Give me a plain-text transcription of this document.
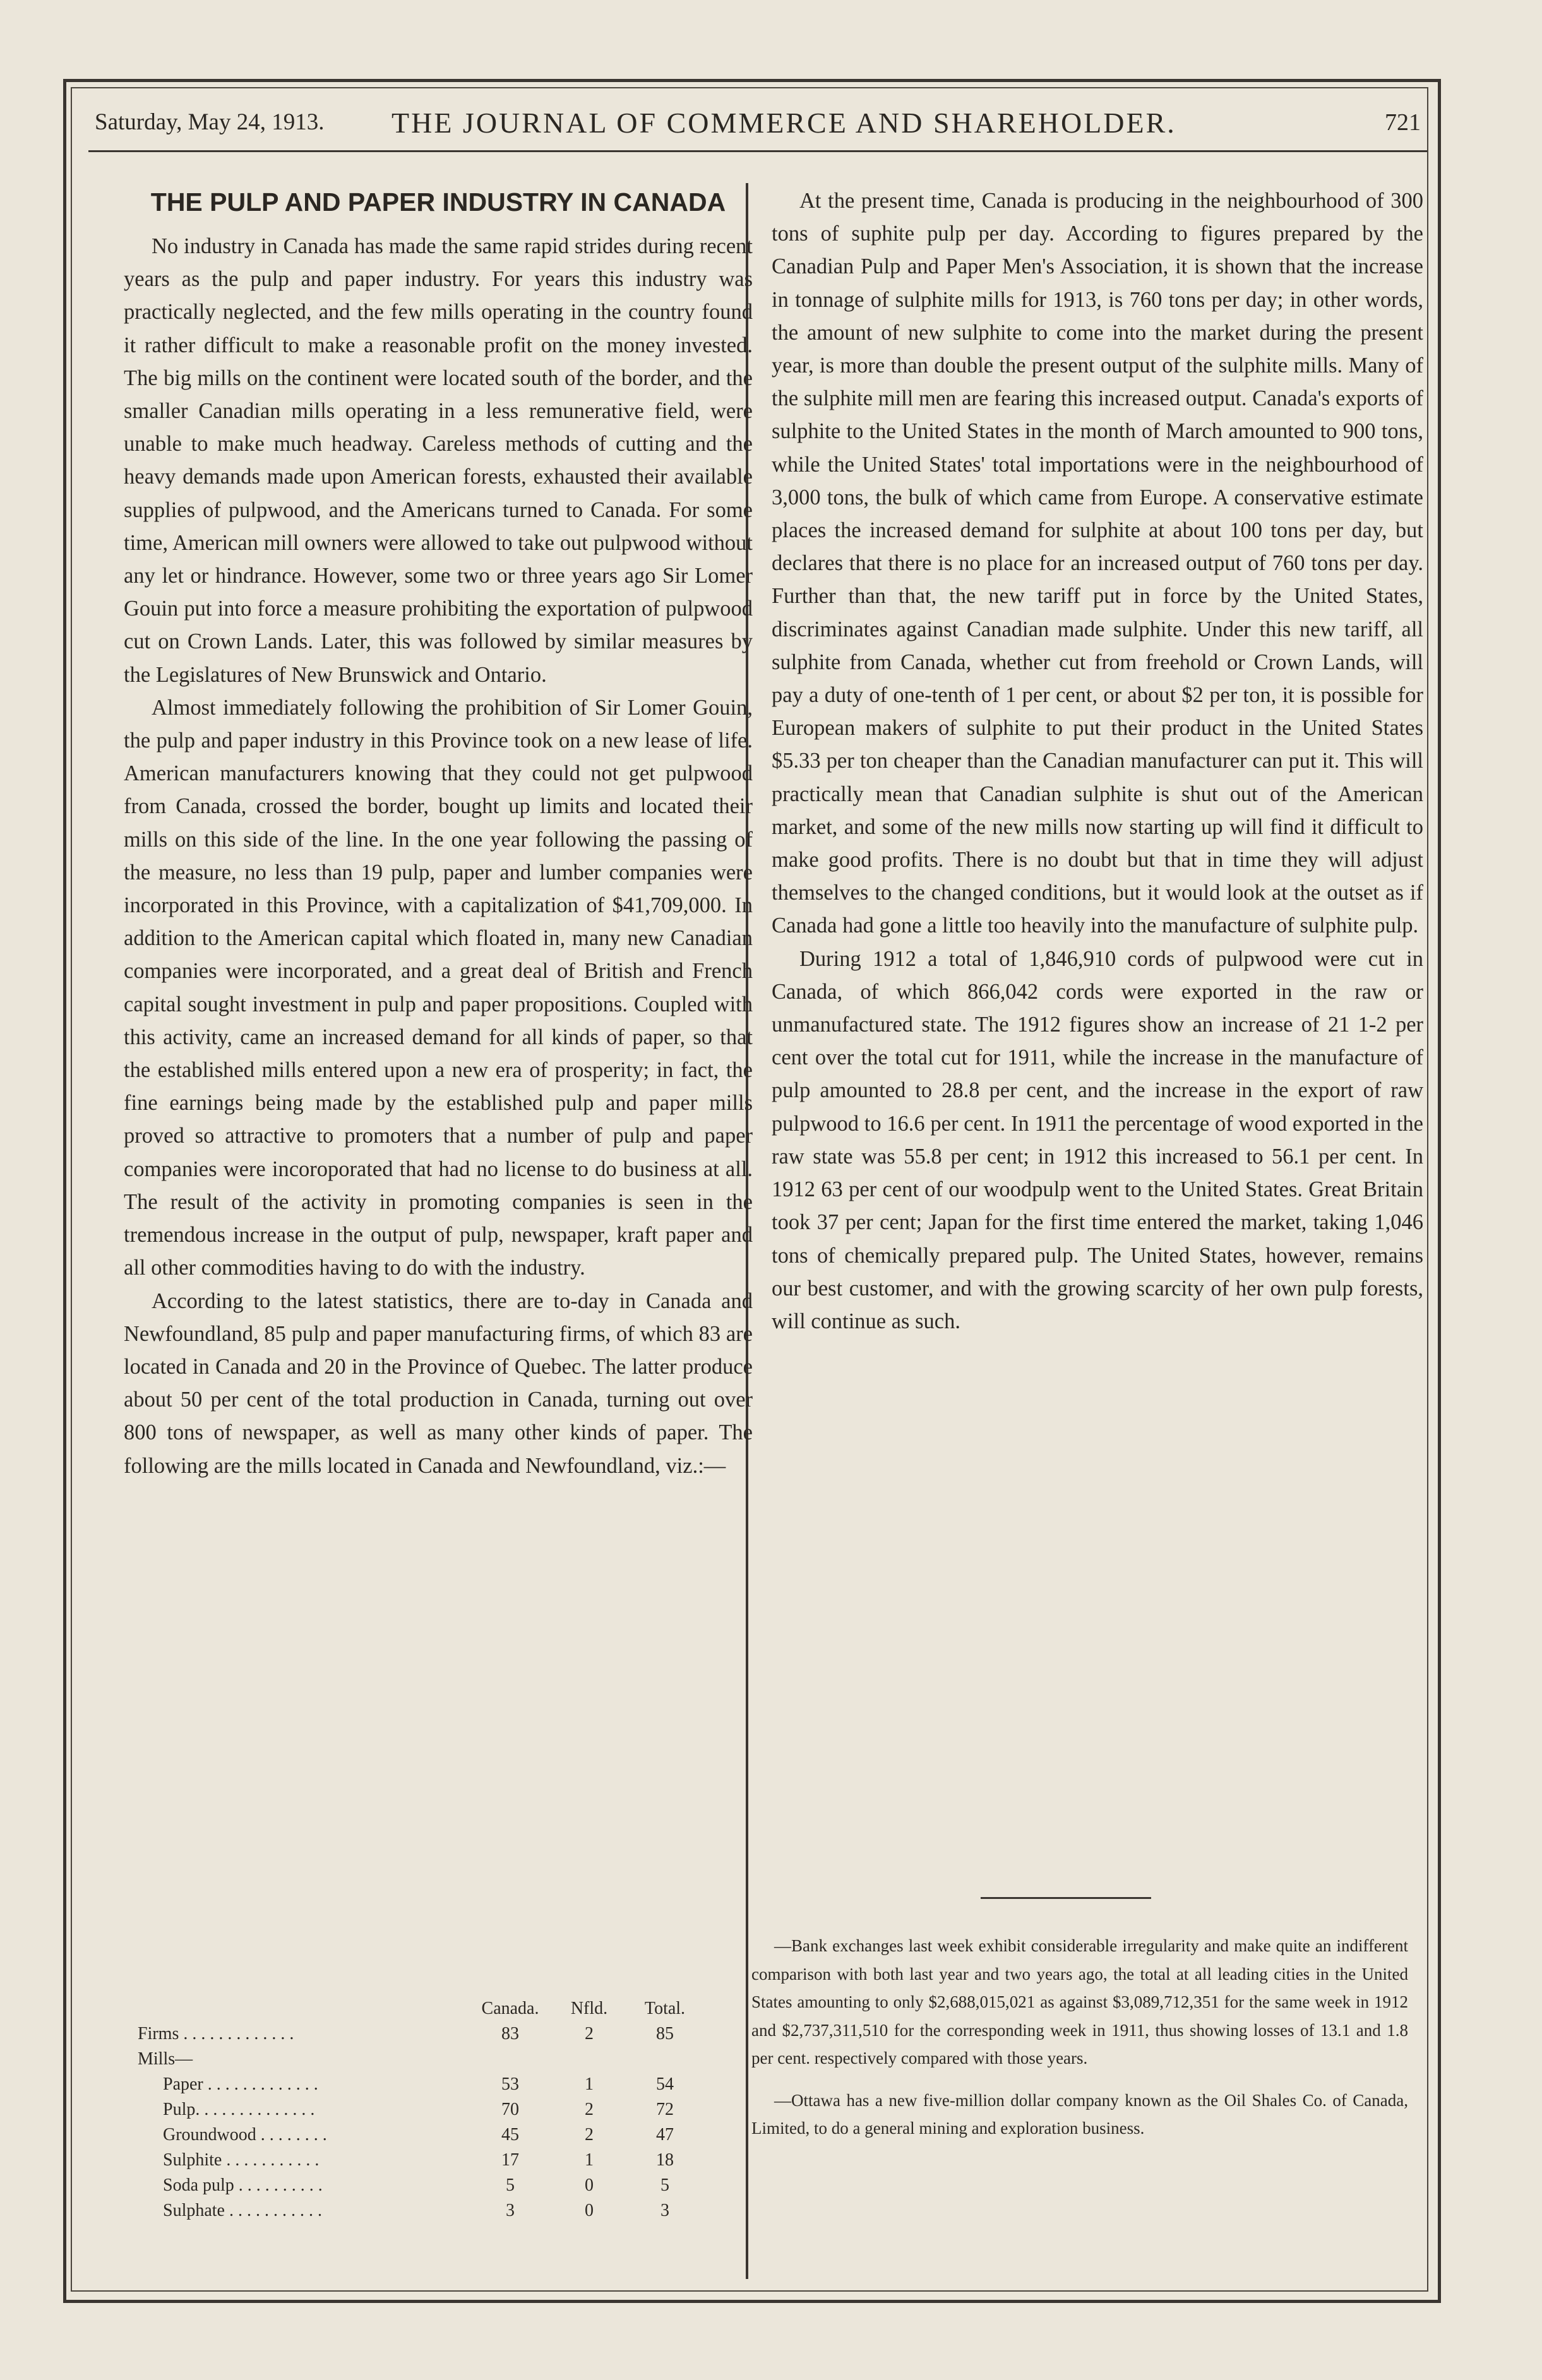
Saturday, May 24, 1913. THE JOURNAL OF COMMERCE AND SHAREHOLDER.	721
THE PULP AND PAPER INDUSTRY IN CANADA

No industry in Canada has made the same rapid strides during recent years as the pulp and paper industry. For years this industry was practically neglected, and the few mills operating in the country found it rather difficult to make a reasonable profit on the money invested. The big mills on the continent were located south of the border, and the smaller Canadian mills operating in a less remunerative field, were unable to make much headway. Careless methods of cutting and the heavy demands made upon American forests, exhausted their available supplies of pulpwood, and the Americans turned to Canada. For some time, American mill owners were allowed to take out pulpwood without any let or hindrance. However, some two or three years ago Sir Lomer Gouin put into force a measure prohibiting the exportation of pulpwood cut on Crown Lands. Later, this was followed by similar measures by the Legislatures of New Brunswick and Ontario.

Almost immediately following the prohibition of Sir Lomer Gouin, the pulp and paper industry in this Province took on a new lease of life. American manufacturers knowing that they could not get pulpwood from Canada, crossed the border, bought up limits and located their mills on this side of the line. In the one year following the passing of the measure, no less than 19 pulp, paper and lumber companies were incorporated in this Province, with a capitalization of $41,709,000. In addition to the American capital which floated in, many new Canadian companies were incorporated, and a great deal of British and French capital sought investment in pulp and paper propositions. Coupled with this activity, came an increased demand for all kinds of paper, so that the established mills entered upon a new era of prosperity; in fact, the fine earnings being made by the established pulp and paper mills proved so attractive to promoters that a number of pulp and paper companies were incoroporated that had no license to do business at all. The result of the activity in promoting companies is seen in the tremendous increase in the output of pulp, newspaper, kraft paper and all other commodities having to do with the industry.

According to the latest statistics, there are to-day in Canada and Newfoundland, 85 pulp and paper manufacturing firms, of which 83 are located in Canada and 20 in the Province of Quebec. The latter produce about 50 per cent of the total production in Canada, turning out over 800 tons of newspaper, as well as many other kinds of paper. The following are the mills located in Canada and Newfoundland, viz.:—

Canada.	Nfld.	Total.
Firms . . . . . . . . . . . . .	83	2	85
Mills—
Paper . . . . . . . . . . . . .	53	1	54
Pulp. . . . . . . . . . . . . .	70	2	72
Groundwood . . . . . . . .	45	2	47
Sulphite . . . . . . . . . . .	17	1	18
Soda pulp . . . . . . . . . .	5	0	5
Sulphate . . . . . . . . . . .	3	0	3

At the present time, Canada is producing in the neighbourhood of 300 tons of suphite pulp per day. According to figures prepared by the Canadian Pulp and Paper Men's Association, it is shown that the increase in tonnage of sulphite mills for 1913, is 760 tons per day; in other words, the amount of new sulphite to come into the market during the present year, is more than double the present output of the sulphite mills. Many of the sulphite mill men are fearing this increased output. Canada's exports of sulphite to the United States in the month of March amounted to 900 tons, while the United States' total importations were in the neighbourhood of 3,000 tons, the bulk of which came from Europe. A conservative estimate places the increased demand for sulphite at about 100 tons per day, but declares that there is no place for an increased output of 760 tons per day. Further than that, the new tariff put in force by the United States, discriminates against Canadian made sulphite. Under this new tariff, all sulphite from Canada, whether cut from freehold or Crown Lands, will pay a duty of one-tenth of 1 per cent, or about $2 per ton, it is possible for European makers of sulphite to put their product in the United States $5.33 per ton cheaper than the Canadian manufacturer can put it. This will practically mean that Canadian sulphite is shut out of the American market, and some of the new mills now starting up will find it difficult to make good profits. There is no doubt but that in time they will adjust themselves to the changed conditions, but it would look at the outset as if Canada had gone a little too heavily into the manufacture of sulphite pulp.

During 1912 a total of 1,846,910 cords of pulpwood were cut in Canada, of which 866,042 cords were exported in the raw or unmanufactured state. The 1912 figures show an increase of 21 1-2 per cent over the total cut for 1911, while the increase in the manufacture of pulp amounted to 28.8 per cent, and the increase in the export of raw pulpwood to 16.6 per cent. In 1911 the percentage of wood exported in the raw state was 55.8 per cent; in 1912 this increased to 56.1 per cent. In 1912 63 per cent of our woodpulp went to the United States. Great Britain took 37 per cent; Japan for the first time entered the market, taking 1,046 tons of chemically prepared pulp. The United States, however, remains our best customer, and with the growing scarcity of her own pulp forests, will continue as such.

—Bank exchanges last week exhibit considerable irregularity and make quite an indifferent comparison with both last year and two years ago, the total at all leading cities in the United States amounting to only $2,688,015,021 as against $3,089,712,351 for the same week in 1912 and $2,737,311,510 for the corresponding week in 1911, thus showing losses of 13.1 and 1.8 per cent. respectively compared with those years.

—Ottawa has a new five-million dollar company known as the Oil Shales Co. of Canada, Limited, to do a general mining and exploration business.
